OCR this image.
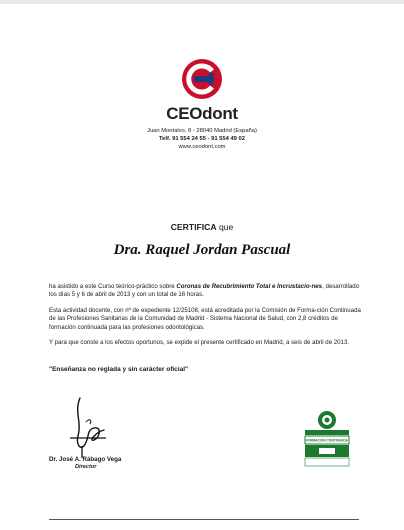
CEOdont
Juan Montalvo, 8 - 28040 Madrid (España)
Telf. 91 554 24 55 - 91 554 49 02
www.ceodont.com
CERTIFICA que
Dra. Raquel Jordan Pascual
ha asistido a este Curso teórico-práctico sobre Coronas de Recubrimiento Total e Incrustacio-nes, desarrollado los días 5 y 6 de abril de 2013 y con un total de 16 horas.
Esta actividad docente, con nº de expediente 12/25108, está acreditada por la Comisión de Forma-ción Continuada de las Profesiones Sanitarias de la Comunidad de Madrid - Sistema Nacional de Salud, con 2,8 créditos de formación continuada para las profesiones odontológicas.
Y para que conste a los efectos oportunos, se expide el presente certificado en Madrid, a seis de abril de 2013.
"Enseñanza no reglada y sin carácter oficial"
Dr. José A. Rábago Vega
Director
FORMACIÓN CONTINUADA
